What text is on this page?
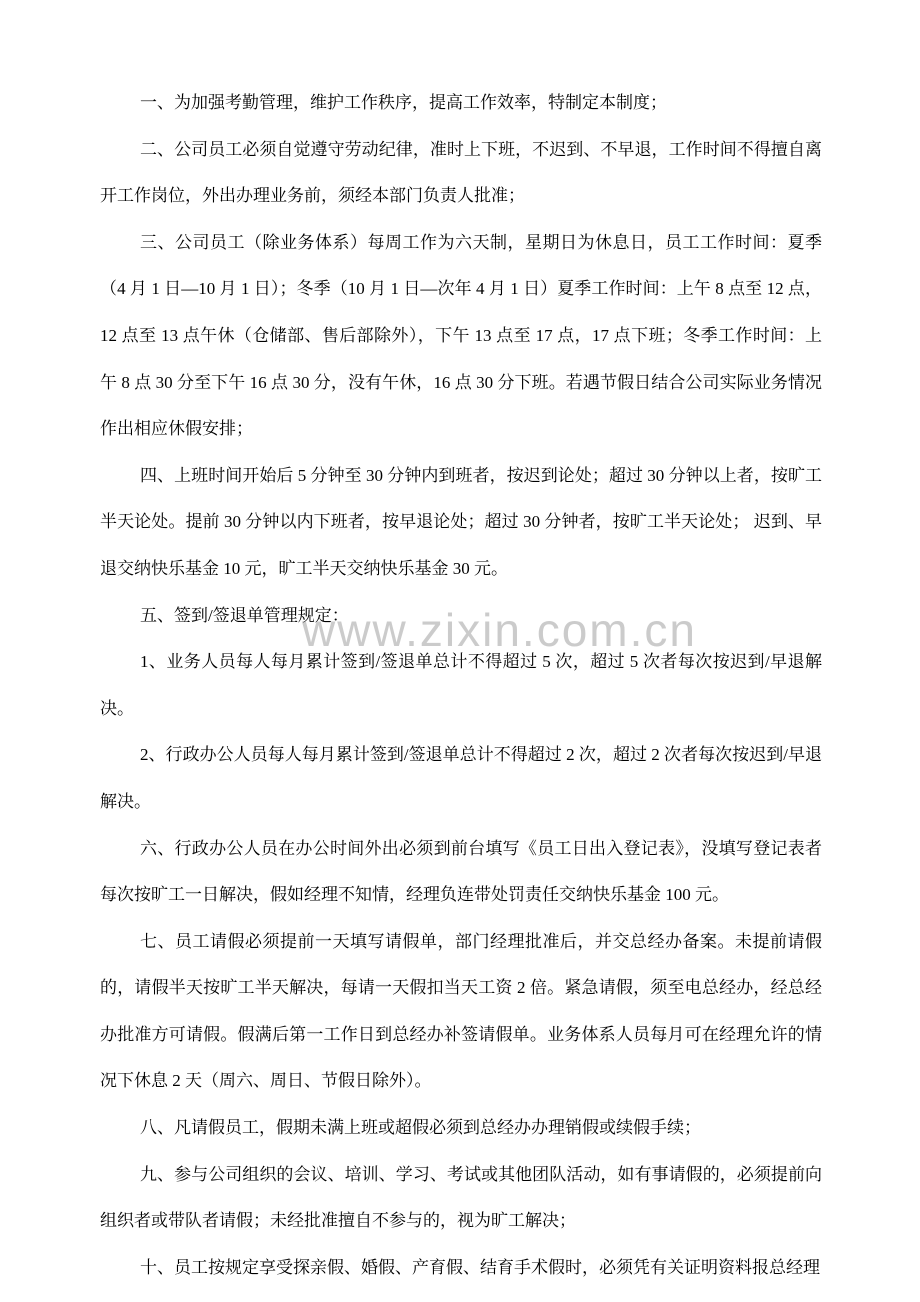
www.zixin.com.cn

一、为加强考勤管理，维护工作秩序，提高工作效率，特制定本制度；

二、公司员工必须自觉遵守劳动纪律，准时上下班，不迟到、不早退，工作时间不得擅自离开工作岗位，外出办理业务前，须经本部门负责人批准；

三、公司员工（除业务体系）每周工作为六天制，星期日为休息日，员工工作时间：夏季（4 月 1 日—10 月 1 日）；冬季（10 月 1 日—次年 4 月 1 日）夏季工作时间：上午 8 点至 12 点，12 点至 13 点午休（仓储部、售后部除外），下午 13 点至 17 点，17 点下班；冬季工作时间：上午 8 点 30 分至下午 16 点 30 分，没有午休，16 点 30 分下班。若遇节假日结合公司实际业务情况作出相应休假安排；

四、上班时间开始后 5 分钟至 30 分钟内到班者，按迟到论处；超过 30 分钟以上者，按旷工半天论处。提前 30 分钟以内下班者，按早退论处；超过 30 分钟者，按旷工半天论处； 迟到、早退交纳快乐基金 10 元，旷工半天交纳快乐基金 30 元。

五、签到/签退单管理规定：

1、业务人员每人每月累计签到/签退单总计不得超过 5 次，超过 5 次者每次按迟到/早退解决。

2、行政办公人员每人每月累计签到/签退单总计不得超过 2 次，超过 2 次者每次按迟到/早退解决。

六、行政办公人员在办公时间外出必须到前台填写《员工日出入登记表》，没填写登记表者每次按旷工一日解决，假如经理不知情，经理负连带处罚责任交纳快乐基金 100 元。

七、员工请假必须提前一天填写请假单，部门经理批准后，并交总经办备案。未提前请假的，请假半天按旷工半天解决，每请一天假扣当天工资 2 倍。紧急请假，须至电总经办，经总经办批准方可请假。假满后第一工作日到总经办补签请假单。业务体系人员每月可在经理允许的情况下休息 2 天（周六、周日、节假日除外）。

八、凡请假员工，假期未满上班或超假必须到总经办办理销假或续假手续；

九、参与公司组织的会议、培训、学习、考试或其他团队活动，如有事请假的，必须提前向组织者或带队者请假；未经批准擅自不参与的，视为旷工解决；

十、员工按规定享受探亲假、婚假、产育假、结育手术假时，必须凭有关证明资料报总经理
